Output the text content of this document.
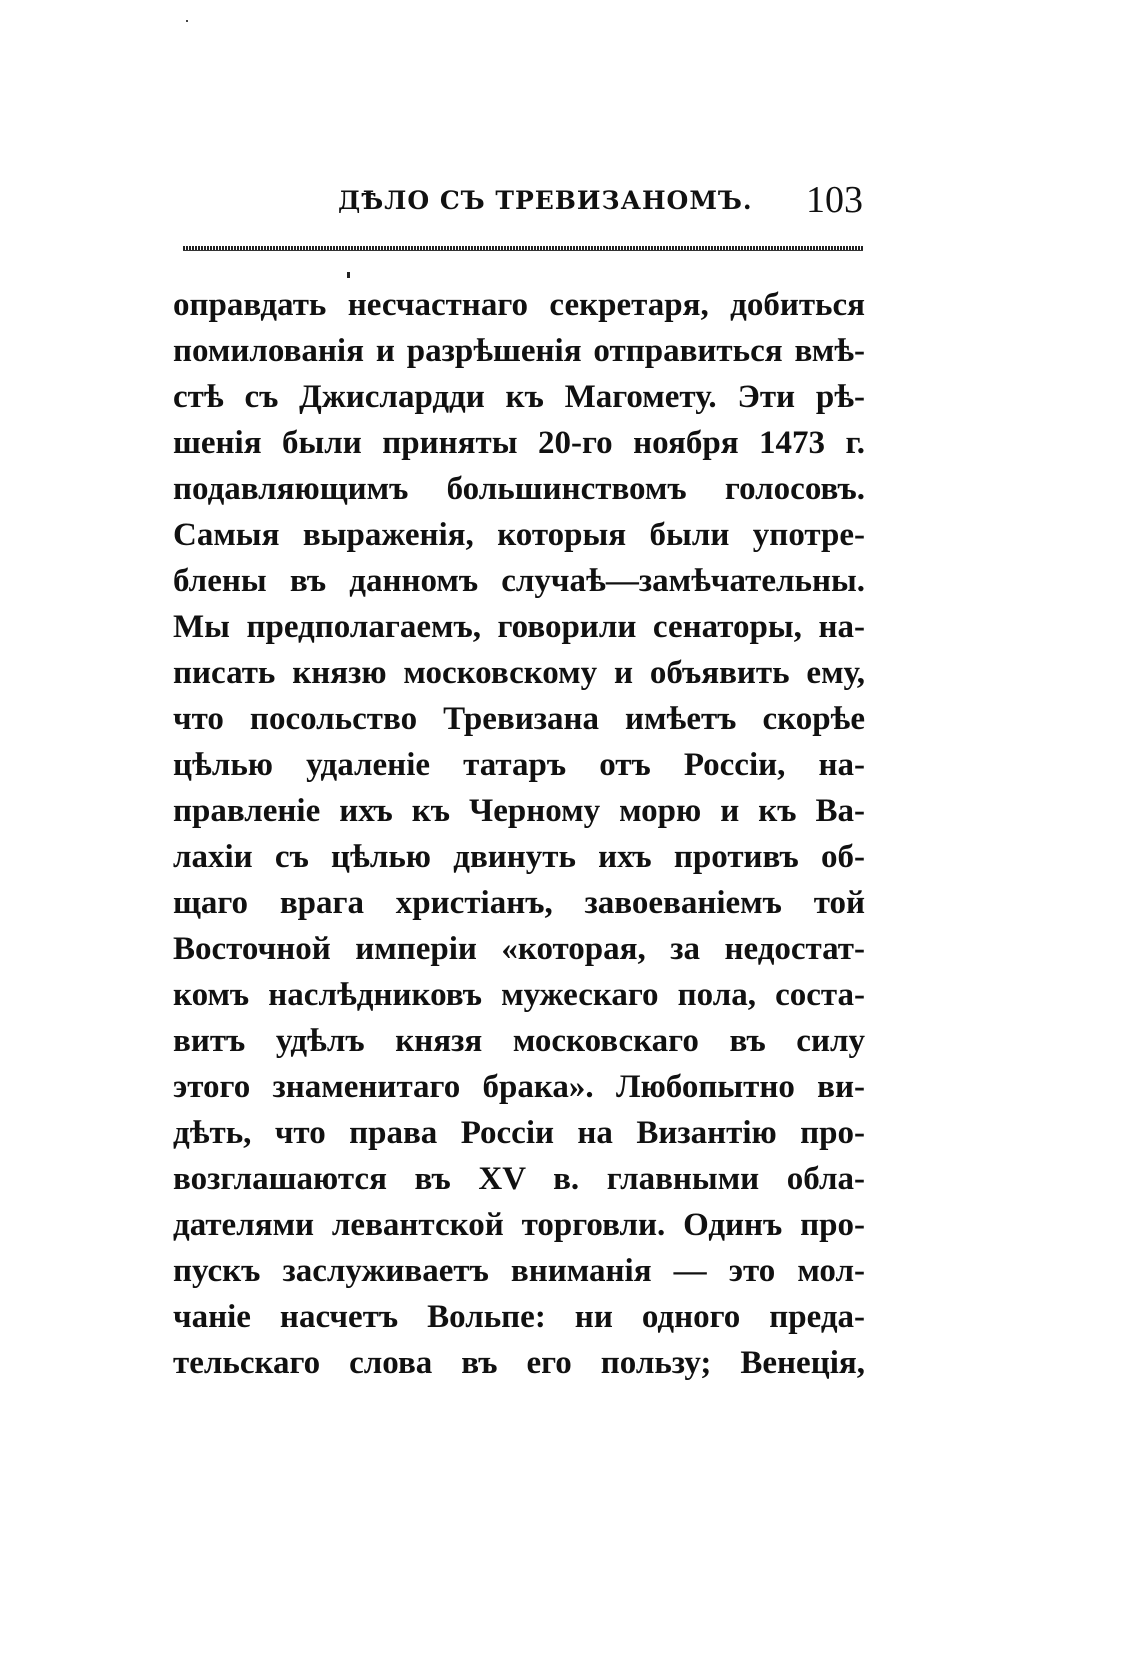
ДѢЛО СЪ ТРЕВИЗАНОМЪ. 103
оправдать несчастнаго секретаря, добиться
помилованія и разрѣшенія отправиться вмѣ-
стѣ съ Джислардди къ Магомету. Эти рѣ-
шенія были приняты 20-го ноября 1473 г.
подавляющимъ большинствомъ голосовъ.
Самыя выраженія, которыя были употре-
блены въ данномъ случаѣ—замѣчательны.
Мы предполагаемъ, говорили сенаторы, на-
писать князю московскому и объявить ему,
что посольство Тревизана имѣетъ скорѣе
цѣлью удаленіе татаръ отъ Россіи, на-
правленіе ихъ къ Черному морю и къ Ва-
лахіи съ цѣлью двинуть ихъ противъ об-
щаго врага христіанъ, завоеваніемъ той
Восточной имперіи «которая, за недостат-
комъ наслѣдниковъ мужескаго пола, соста-
витъ удѣлъ князя московскаго въ силу
этого знаменитаго брака». Любопытно ви-
дѣть, что права Россіи на Византію про-
возглашаются въ XV в. главными обла-
дателями левантской торговли. Одинъ про-
пускъ заслуживаетъ вниманія — это мол-
чаніе насчетъ Вольпе: ни одного преда-
тельскаго слова въ его пользу; Венеція,
